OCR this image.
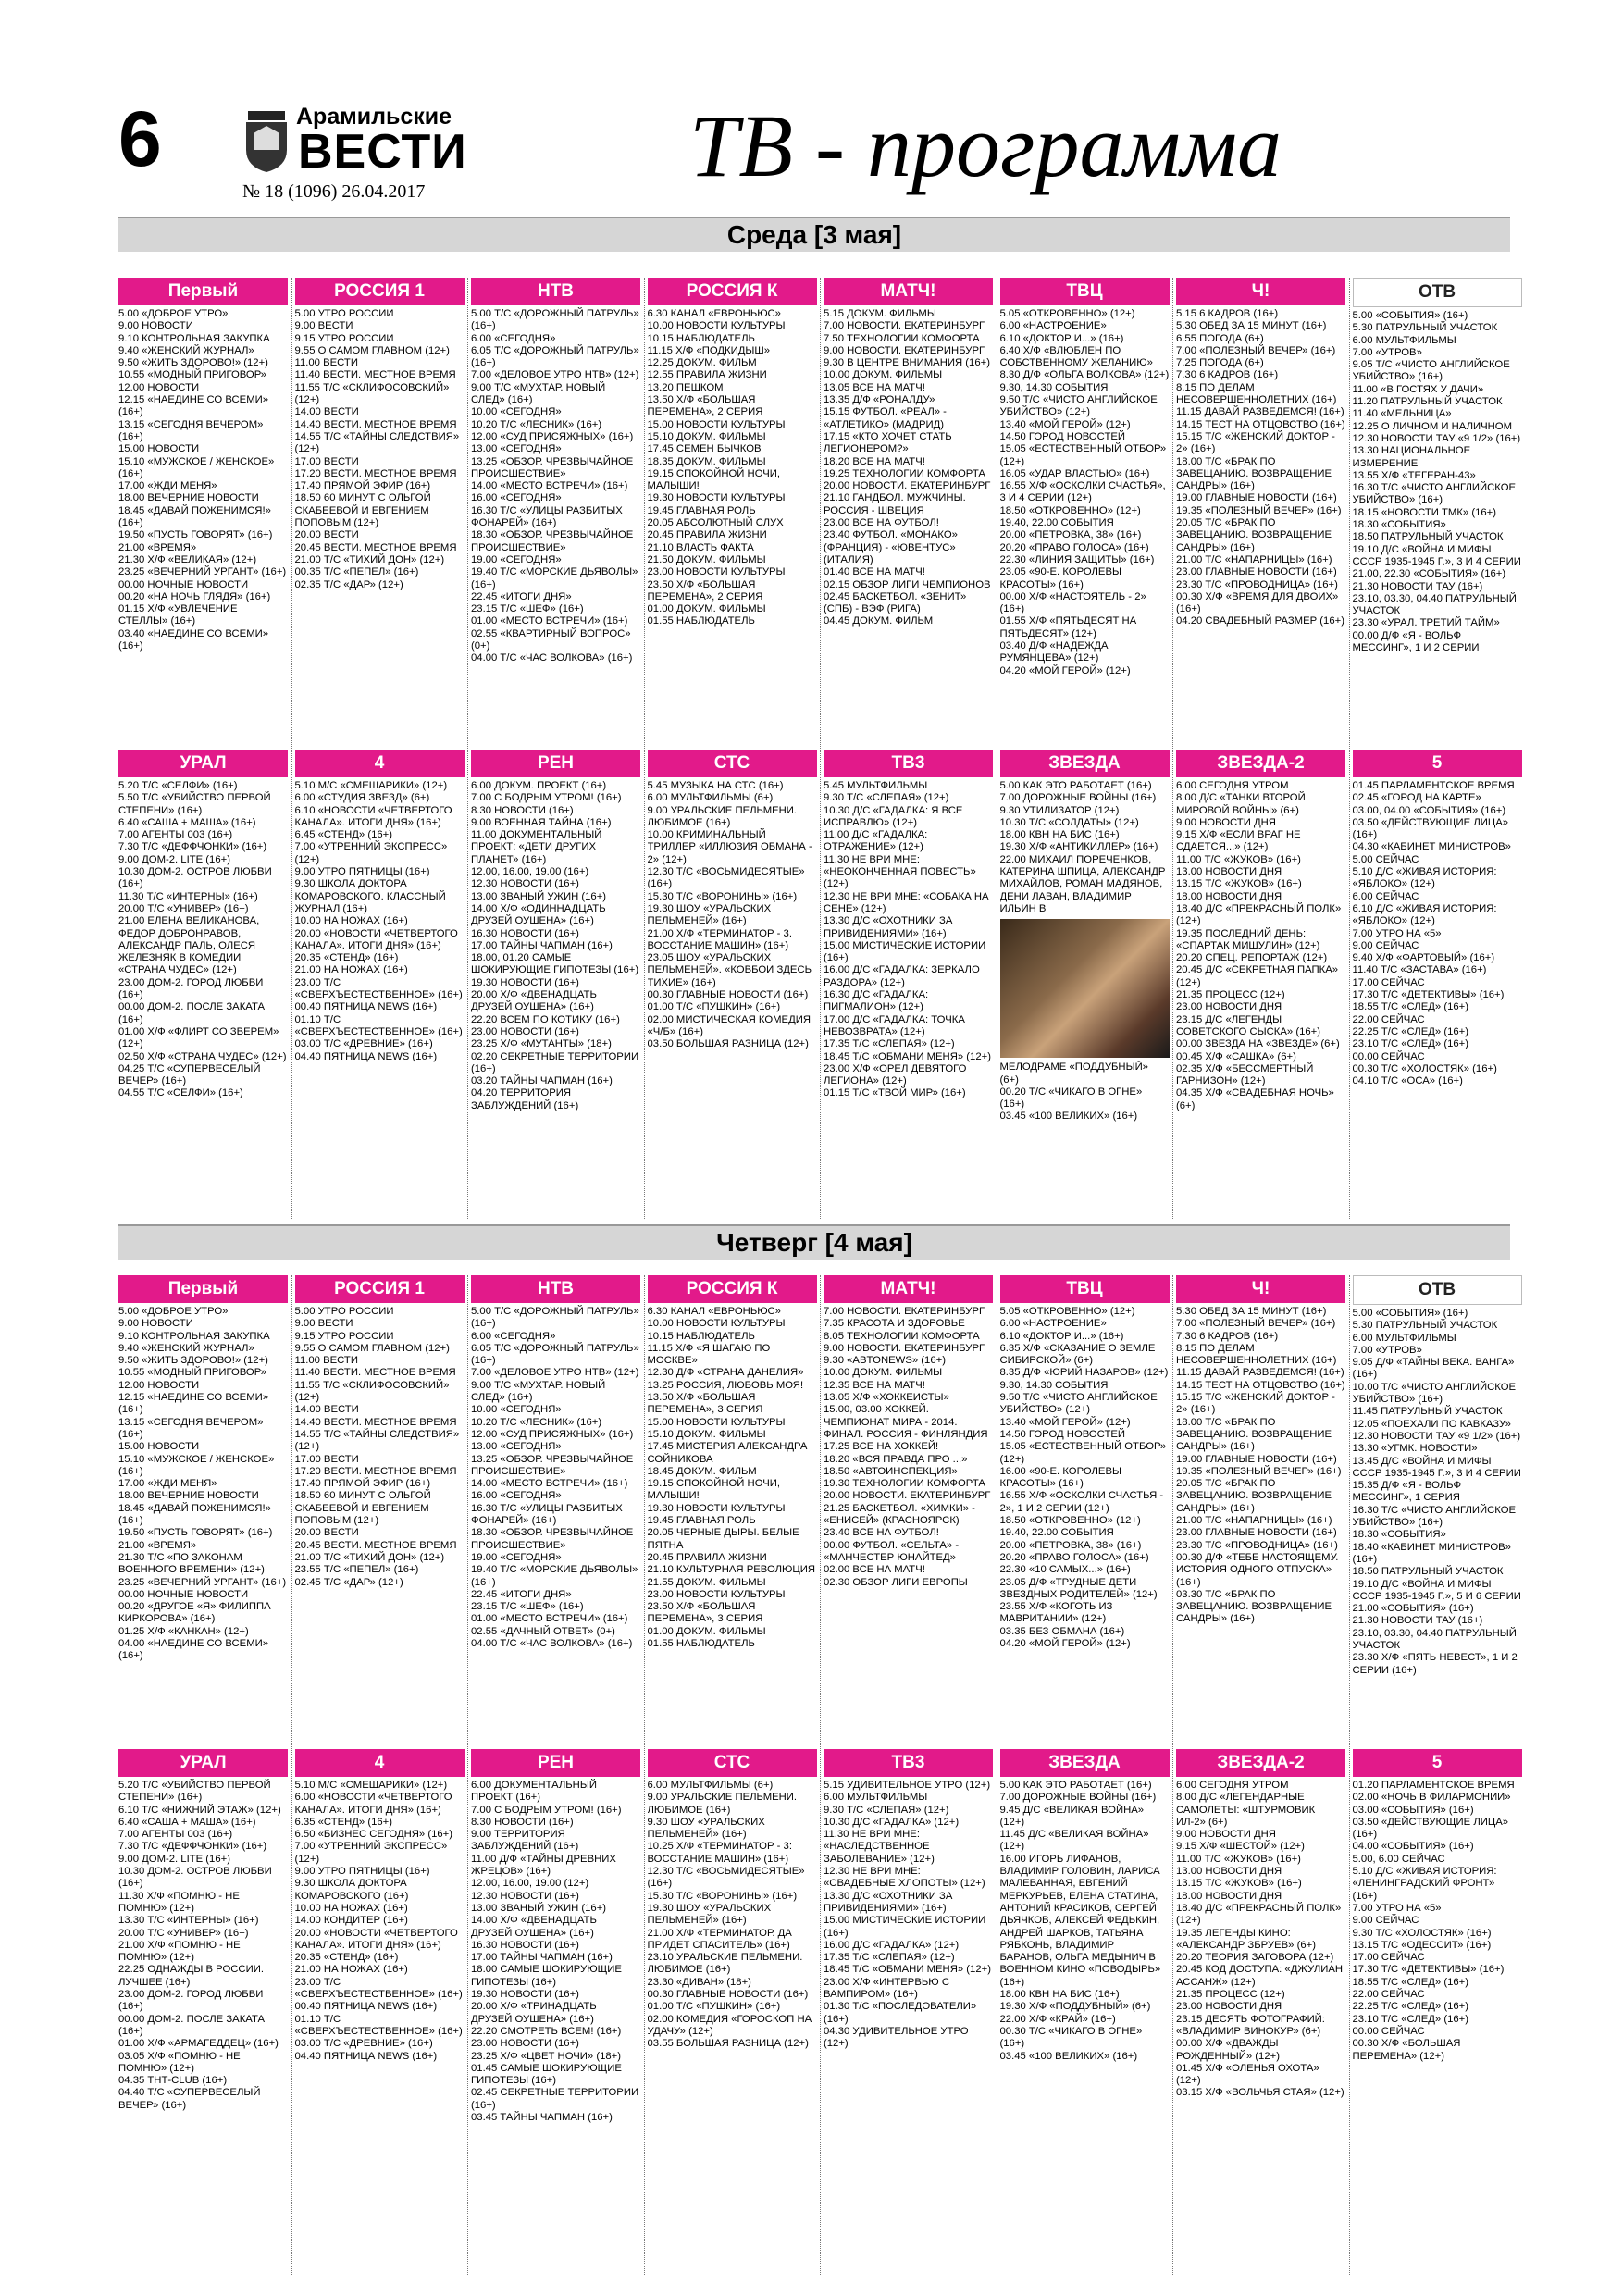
6	Арамильские
ВЕСТИ
№ 18 (1096) 26.04.2017	ТВ - программа
Среда [3 мая]
Первый
5.00 «ДОБРОЕ УТРО»
9.00 НОВОСТИ
9.10 КОНТРОЛЬНАЯ ЗАКУПКА
9.40 «ЖЕНСКИЙ ЖУРНАЛ»
9.50 «ЖИТЬ ЗДОРОВО!» (12+)
10.55 «МОДНЫЙ ПРИГОВОР»
12.00 НОВОСТИ
12.15 «НАЕДИНЕ СО ВСЕМИ» (16+)
13.15 «СЕГОДНЯ ВЕЧЕРОМ» (16+)
15.00 НОВОСТИ
15.10 «МУЖСКОЕ / ЖЕНСКОЕ» (16+)
17.00 «ЖДИ МЕНЯ»
18.00 ВЕЧЕРНИЕ НОВОСТИ
18.45 «ДАВАЙ ПОЖЕНИМСЯ!» (16+)
19.50 «ПУСТЬ ГОВОРЯТ» (16+)
21.00 «ВРЕМЯ»
21.30 Х/Ф «ВЕЛИКАЯ» (12+)
23.25 «ВЕЧЕРНИЙ УРГАНТ» (16+)
00.00 НОЧНЫЕ НОВОСТИ
00.20 «НА НОЧЬ ГЛЯДЯ» (16+)
01.15 Х/Ф «УВЛЕЧЕНИЕ СТЕЛЛЫ» (16+)
03.40 «НАЕДИНЕ СО ВСЕМИ» (16+)
РОССИЯ 1
5.00 УТРО РОССИИ
9.00 ВЕСТИ
9.15 УТРО РОССИИ
9.55 О САМОМ ГЛАВНОМ (12+)
11.00 ВЕСТИ
11.40 ВЕСТИ. МЕСТНОЕ ВРЕМЯ
11.55 Т/С «СКЛИФОСОВСКИЙ» (12+)
14.00 ВЕСТИ
14.40 ВЕСТИ. МЕСТНОЕ ВРЕМЯ
14.55 Т/С «ТАЙНЫ СЛЕДСТВИЯ» (12+)
17.00 ВЕСТИ
17.20 ВЕСТИ. МЕСТНОЕ ВРЕМЯ
17.40 ПРЯМОЙ ЭФИР (16+)
18.50 60 МИНУТ С ОЛЬГОЙ СКАБЕЕВОЙ И ЕВГЕНИЕМ ПОПОВЫМ (12+)
20.00 ВЕСТИ
20.45 ВЕСТИ. МЕСТНОЕ ВРЕМЯ
21.00 Т/С «ТИХИЙ ДОН» (12+)
00.35 Т/С «ПЕПЕЛ» (16+)
02.35 Т/С «ДАР» (12+)
НТВ
5.00 Т/С «ДОРОЖНЫЙ ПАТРУЛЬ» (16+)
6.00 «СЕГОДНЯ»
6.05 Т/С «ДОРОЖНЫЙ ПАТРУЛЬ» (16+)
7.00 «ДЕЛОВОЕ УТРО НТВ» (12+)
9.00 Т/С «МУХТАР. НОВЫЙ СЛЕД» (16+)
10.00 «СЕГОДНЯ»
10.20 Т/С «ЛЕСНИК» (16+)
12.00 «СУД ПРИСЯЖНЫХ» (16+)
13.00 «СЕГОДНЯ»
13.25 «ОБЗОР. ЧРЕЗВЫЧАЙНОЕ ПРОИСШЕСТВИЕ»
14.00 «МЕСТО ВСТРЕЧИ» (16+)
16.00 «СЕГОДНЯ»
16.30 Т/С «УЛИЦЫ РАЗБИТЫХ ФОНАРЕЙ» (16+)
18.30 «ОБЗОР. ЧРЕЗВЫЧАЙНОЕ ПРОИСШЕСТВИЕ»
19.00 «СЕГОДНЯ»
19.40 Т/С «МОРСКИЕ ДЬЯВОЛЫ» (16+)
22.45 «ИТОГИ ДНЯ»
23.15 Т/С «ШЕФ» (16+)
01.00 «МЕСТО ВСТРЕЧИ» (16+)
02.55 «КВАРТИРНЫЙ ВОПРОС» (0+)
04.00 Т/С «ЧАС ВОЛКОВА» (16+)
РОССИЯ К
6.30 КАНАЛ «ЕВРОНЬЮС»
10.00 НОВОСТИ КУЛЬТУРЫ
10.15 НАБЛЮДАТЕЛЬ
11.15 Х/Ф «ПОДКИДЫШ»
12.25 ДОКУМ. ФИЛЬМ
12.55 ПРАВИЛА ЖИЗНИ
13.20 ПЕШКОМ
13.50 Х/Ф «БОЛЬШАЯ ПЕРЕМЕНА», 2 СЕРИЯ
15.00 НОВОСТИ КУЛЬТУРЫ
15.10 ДОКУМ. ФИЛЬМЫ
17.45 СЕМЕН БЫЧКОВ
18.35 ДОКУМ. ФИЛЬМЫ
19.15 СПОКОЙНОЙ НОЧИ, МАЛЫШИ!
19.30 НОВОСТИ КУЛЬТУРЫ
19.45 ГЛАВНАЯ РОЛЬ
20.05 АБСОЛЮТНЫЙ СЛУХ
20.45 ПРАВИЛА ЖИЗНИ
21.10 ВЛАСТЬ ФАКТА
21.50 ДОКУМ. ФИЛЬМЫ
23.00 НОВОСТИ КУЛЬТУРЫ
23.50 Х/Ф «БОЛЬШАЯ ПЕРЕМЕНА», 2 СЕРИЯ
01.00 ДОКУМ. ФИЛЬМЫ
01.55 НАБЛЮДАТЕЛЬ
МАТЧ!
5.15 ДОКУМ. ФИЛЬМЫ
7.00 НОВОСТИ. ЕКАТЕРИНБУРГ
7.50 ТЕХНОЛОГИИ КОМФОРТА
9.00 НОВОСТИ. ЕКАТЕРИНБУРГ
9.30 В ЦЕНТРЕ ВНИМАНИЯ (16+)
10.00 ДОКУМ. ФИЛЬМЫ
13.05 ВСЕ НА МАТЧ!
13.35 Д/Ф «РОНАЛДУ»
15.15 ФУТБОЛ. «РЕАЛ» - «АТЛЕТИКО» (МАДРИД)
17.15 «КТО ХОЧЕТ СТАТЬ ЛЕГИОНЕРОМ?»
18.20 ВСЕ НА МАТЧ!
19.25 ТЕХНОЛОГИИ КОМФОРТА
20.00 НОВОСТИ. ЕКАТЕРИНБУРГ
21.10 ГАНДБОЛ. МУЖЧИНЫ. РОССИЯ - ШВЕЦИЯ
23.00 ВСЕ НА ФУТБОЛ!
23.40 ФУТБОЛ. «МОНАКО» (ФРАНЦИЯ) - «ЮВЕНТУС» (ИТАЛИЯ)
01.40 ВСЕ НА МАТЧ!
02.15 ОБЗОР ЛИГИ ЧЕМПИОНОВ
02.45 БАСКЕТБОЛ. «ЗЕНИТ» (СПБ) - ВЭФ (РИГА)
04.45 ДОКУМ. ФИЛЬМ
ТВЦ
5.05 «ОТКРОВЕННО» (12+)
6.00 «НАСТРОЕНИЕ»
6.10 «ДОКТОР И...» (16+)
6.40 Х/Ф «ВЛЮБЛЕН ПО СОБСТВЕННОМУ ЖЕЛАНИЮ»
8.30 Д/Ф «ОЛЬГА ВОЛКОВА» (12+)
9.30, 14.30 СОБЫТИЯ
9.50 Т/С «ЧИСТО АНГЛИЙСКОЕ УБИЙСТВО» (12+)
13.40 «МОЙ ГЕРОЙ» (12+)
14.50 ГОРОД НОВОСТЕЙ
15.05 «ЕСТЕСТВЕННЫЙ ОТБОР» (12+)
16.05 «УДАР ВЛАСТЬЮ» (16+)
16.55 Х/Ф «ОСКОЛКИ СЧАСТЬЯ», 3 И 4 СЕРИИ (12+)
18.50 «ОТКРОВЕННО» (12+)
19.40, 22.00 СОБЫТИЯ
20.00 «ПЕТРОВКА, 38» (16+)
20.20 «ПРАВО ГОЛОСА» (16+)
22.30 «ЛИНИЯ ЗАЩИТЫ» (16+)
23.05 «90-Е. КОРОЛЕВЫ КРАСОТЫ» (16+)
00.00 Х/Ф «НАСТОЯТЕЛЬ - 2» (16+)
01.55 Х/Ф «ПЯТЬДЕСЯТ НА ПЯТЬДЕСЯТ» (12+)
03.40 Д/Ф «НАДЕЖДА РУМЯНЦЕВА» (12+)
04.20 «МОЙ ГЕРОЙ» (12+)
Ч!
5.15 6 КАДРОВ (16+)
5.30 ОБЕД ЗА 15 МИНУТ (16+)
6.55 ПОГОДА (6+)
7.00 «ПОЛЕЗНЫЙ ВЕЧЕР» (16+)
7.25 ПОГОДА (6+)
7.30 6 КАДРОВ (16+)
8.15 ПО ДЕЛАМ НЕСОВЕРШЕННОЛЕТНИХ (16+)
11.15 ДАВАЙ РАЗВЕДЕМСЯ! (16+)
14.15 ТЕСТ НА ОТЦОВСТВО (16+)
15.15 Т/С «ЖЕНСКИЙ ДОКТОР - 2» (16+)
18.00 Т/С «БРАК ПО ЗАВЕЩАНИЮ. ВОЗВРАЩЕНИЕ САНДРЫ» (16+)
19.00 ГЛАВНЫЕ НОВОСТИ (16+)
19.35 «ПОЛЕЗНЫЙ ВЕЧЕР» (16+)
20.05 Т/С «БРАК ПО ЗАВЕЩАНИЮ. ВОЗВРАЩЕНИЕ САНДРЫ» (16+)
21.00 Т/С «НАПАРНИЦЫ» (16+)
23.00 ГЛАВНЫЕ НОВОСТИ (16+)
23.30 Т/С «ПРОВОДНИЦА» (16+)
00.30 Х/Ф «ВРЕМЯ ДЛЯ ДВОИХ» (16+)
04.20 СВАДЕБНЫЙ РАЗМЕР (16+)
ОТВ
5.00 «СОБЫТИЯ» (16+)
5.30 ПАТРУЛЬНЫЙ УЧАСТОК
6.00 МУЛЬТФИЛЬМЫ
7.00 «УТРОВ»
9.05 Т/С «ЧИСТО АНГЛИЙСКОЕ УБИЙСТВО» (16+)
11.00 «В ГОСТЯХ У ДАЧИ»
11.20 ПАТРУЛЬНЫЙ УЧАСТОК
11.40 «МЕЛЬНИЦА»
12.25 О ЛИЧНОМ И НАЛИЧНОМ
12.30 НОВОСТИ ТАУ «9 1/2» (16+)
13.30 НАЦИОНАЛЬНОЕ ИЗМЕРЕНИЕ
13.55 Х/Ф «ТЕГЕРАН-43»
16.30 Т/С «ЧИСТО АНГЛИЙСКОЕ УБИЙСТВО» (16+)
18.15 «НОВОСТИ ТМК» (16+)
18.30 «СОБЫТИЯ»
18.50 ПАТРУЛЬНЫЙ УЧАСТОК
19.10 Д/С «ВОЙНА И МИФЫ СССР 1935-1945 Г.», 3 И 4 СЕРИИ
21.00, 22.30 «СОБЫТИЯ» (16+)
21.30 НОВОСТИ ТАУ (16+)
23.10, 03.30, 04.40 ПАТРУЛЬНЫЙ УЧАСТОК
23.30 «УРАЛ. ТРЕТИЙ ТАЙМ»
00.00 Д/Ф «Я - ВОЛЬФ МЕССИНГ», 1 И 2 СЕРИИ
УРАЛ
5.20 Т/С «СЕЛФИ» (16+)
5.50 Т/С «УБИЙСТВО ПЕРВОЙ СТЕПЕНИ» (16+)
6.40 «САША + МАША» (16+)
7.00 АГЕНТЫ 003 (16+)
7.30 Т/С «ДЕФФЧОНКИ» (16+)
9.00 ДОМ-2. LITE (16+)
10.30 ДОМ-2. ОСТРОВ ЛЮБВИ (16+)
11.30 Т/С «ИНТЕРНЫ» (16+)
20.00 Т/С «УНИВЕР» (16+)
21.00 ЕЛЕНА ВЕЛИКАНОВА, ФЕДОР ДОБРОНРАВОВ, АЛЕКСАНДР ПАЛЬ, ОЛЕСЯ ЖЕЛЕЗНЯК В КОМЕДИИ «СТРАНА ЧУДЕС» (12+)
23.00 ДОМ-2. ГОРОД ЛЮБВИ (16+)
00.00 ДОМ-2. ПОСЛЕ ЗАКАТА (16+)
01.00 Х/Ф «ФЛИРТ СО ЗВЕРЕМ» (12+)
02.50 Х/Ф «СТРАНА ЧУДЕС» (12+)
04.25 Т/С «СУПЕРВЕСЕЛЫЙ ВЕЧЕР» (16+)
04.55 Т/С «СЕЛФИ» (16+)
4
5.10 М/С «СМЕШАРИКИ» (12+)
6.00 «СТУДИЯ ЗВЕЗД» (6+)
6.10 «НОВОСТИ «ЧЕТВЕРТОГО КАНАЛА». ИТОГИ ДНЯ» (16+)
6.45 «СТЕНД» (16+)
7.00 «УТРЕННИЙ ЭКСПРЕСС» (12+)
9.00 УТРО ПЯТНИЦЫ (16+)
9.30 ШКОЛА ДОКТОРА КОМАРОВСКОГО. КЛАССНЫЙ ЖУРНАЛ (16+)
10.00 НА НОЖАХ (16+)
20.00 «НОВОСТИ «ЧЕТВЕРТОГО КАНАЛА». ИТОГИ ДНЯ» (16+)
20.35 «СТЕНД» (16+)
21.00 НА НОЖАХ (16+)
23.00 Т/С «СВЕРХЪЕСТЕСТВЕННОЕ» (16+)
00.40 ПЯТНИЦА NEWS (16+)
01.10 Т/С «СВЕРХЪЕСТЕСТВЕННОЕ» (16+)
03.00 Т/С «ДРЕВНИЕ» (16+)
04.40 ПЯТНИЦА NEWS (16+)
РЕН
6.00 ДОКУМ. ПРОЕКТ (16+)
7.00 С БОДРЫМ УТРОМ! (16+)
8.30 НОВОСТИ (16+)
9.00 ВОЕННАЯ ТАЙНА (16+)
11.00 ДОКУМЕНТАЛЬНЫЙ ПРОЕКТ: «ДЕТИ ДРУГИХ ПЛАНЕТ» (16+)
12.00, 16.00, 19.00 (16+)
12.30 НОВОСТИ (16+)
13.00 ЗВАНЫЙ УЖИН (16+)
14.00 Х/Ф «ОДИННАДЦАТЬ ДРУЗЕЙ ОУШЕНА» (16+)
16.30 НОВОСТИ (16+)
17.00 ТАЙНЫ ЧАПМАН (16+)
18.00, 01.20 САМЫЕ ШОКИРУЮЩИЕ ГИПОТЕЗЫ (16+)
19.30 НОВОСТИ (16+)
20.00 Х/Ф «ДВЕНАДЦАТЬ ДРУЗЕЙ ОУШЕНА» (16+)
22.20 ВСЕМ ПО КОТИКУ (16+)
23.00 НОВОСТИ (16+)
23.25 Х/Ф «МУТАНТЫ» (18+)
02.20 СЕКРЕТНЫЕ ТЕРРИТОРИИ (16+)
03.20 ТАЙНЫ ЧАПМАН (16+)
04.20 ТЕРРИТОРИЯ ЗАБЛУЖДЕНИЙ (16+)
СТС
5.45 МУЗЫКА НА СТС (16+)
6.00 МУЛЬТФИЛЬМЫ (6+)
9.00 УРАЛЬСКИЕ ПЕЛЬМЕНИ. ЛЮБИМОЕ (16+)
10.00 КРИМИНАЛЬНЫЙ ТРИЛЛЕР «ИЛЛЮЗИЯ ОБМАНА - 2» (12+)
12.30 Т/С «ВОСЬМИДЕСЯТЫЕ» (16+)
15.30 Т/С «ВОРОНИНЫ» (16+)
19.30 ШОУ «УРАЛЬСКИХ ПЕЛЬМЕНЕЙ» (16+)
21.00 Х/Ф «ТЕРМИНАТОР - 3. ВОССТАНИЕ МАШИН» (16+)
23.05 ШОУ «УРАЛЬСКИХ ПЕЛЬМЕНЕЙ». «КОВБОИ ЗДЕСЬ ТИХИЕ» (16+)
00.30 ГЛАВНЫЕ НОВОСТИ (16+)
01.00 Т/С «ПУШКИН» (16+)
02.00 МИСТИЧЕСКАЯ КОМЕДИЯ «Ч/Б» (16+)
03.50 БОЛЬШАЯ РАЗНИЦА (12+)
ТВ3
5.45 МУЛЬТФИЛЬМЫ
9.30 Т/С «СЛЕПАЯ» (12+)
10.30 Д/С «ГАДАЛКА: Я ВСЕ ИСПРАВЛЮ» (12+)
11.00 Д/С «ГАДАЛКА: ОТРАЖЕНИЕ» (12+)
11.30 НЕ ВРИ МНЕ: «НЕОКОНЧЕННАЯ ПОВЕСТЬ» (12+)
12.30 НЕ ВРИ МНЕ: «СОБАКА НА СЕНЕ» (12+)
13.30 Д/С «ОХОТНИКИ ЗА ПРИВИДЕНИЯМИ» (16+)
15.00 МИСТИЧЕСКИЕ ИСТОРИИ (16+)
16.00 Д/С «ГАДАЛКА: ЗЕРКАЛО РАЗДОРА» (12+)
16.30 Д/С «ГАДАЛКА: ПИГМАЛИОН» (12+)
17.00 Д/С «ГАДАЛКА: ТОЧКА НЕВОЗВРАТА» (12+)
17.35 Т/С «СЛЕПАЯ» (12+)
18.45 Т/С «ОБМАНИ МЕНЯ» (12+)
23.00 Х/Ф «ОРЕЛ ДЕВЯТОГО ЛЕГИОНА» (12+)
01.15 Т/С «ТВОЙ МИР» (16+)
ЗВЕЗДА
5.00 КАК ЭТО РАБОТАЕТ (16+)
7.00 ДОРОЖНЫЕ ВОЙНЫ (16+)
9.30 УТИЛИЗАТОР (12+)
10.30 Т/С «СОЛДАТЫ» (12+)
18.00 КВН НА БИС (16+)
19.30 Х/Ф «АНТИКИЛЛЕР» (16+)
22.00 МИХАИЛ ПОРЕЧЕНКОВ, КАТЕРИНА ШПИЦА, АЛЕКСАНДР МИХАЙЛОВ, РОМАН МАДЯНОВ, ДЕНИ ЛАВАН, ВЛАДИМИР ИЛЬИН В
МЕЛОДРАМЕ «ПОДДУБНЫЙ» (6+)
00.20 Т/С «ЧИКАГО В ОГНЕ» (16+)
03.45 «100 ВЕЛИКИХ» (16+)
ЗВЕЗДА-2
6.00 СЕГОДНЯ УТРОМ
8.00 Д/С «ТАНКИ ВТОРОЙ МИРОВОЙ ВОЙНЫ» (6+)
9.00 НОВОСТИ ДНЯ
9.15 Х/Ф «ЕСЛИ ВРАГ НЕ СДАЕТСЯ...» (12+)
11.00 Т/С «ЖУКОВ» (16+)
13.00 НОВОСТИ ДНЯ
13.15 Т/С «ЖУКОВ» (16+)
18.00 НОВОСТИ ДНЯ
18.40 Д/С «ПРЕКРАСНЫЙ ПОЛК» (12+)
19.35 ПОСЛЕДНИЙ ДЕНЬ: «СПАРТАК МИШУЛИН» (12+)
20.20 СПЕЦ. РЕПОРТАЖ (12+)
20.45 Д/С «СЕКРЕТНАЯ ПАПКА» (12+)
21.35 ПРОЦЕСС (12+)
23.00 НОВОСТИ ДНЯ
23.15 Д/С «ЛЕГЕНДЫ СОВЕТСКОГО СЫСКА» (16+)
00.00 ЗВЕЗДА НА «ЗВЕЗДЕ» (6+)
00.45 Х/Ф «САШКА» (6+)
02.35 Х/Ф «БЕССМЕРТНЫЙ ГАРНИЗОН» (12+)
04.35 Х/Ф «СВАДЕБНАЯ НОЧЬ» (6+)
5
01.45 ПАРЛАМЕНТСКОЕ ВРЕМЯ
02.45 «ГОРОД НА КАРТЕ»
03.00, 04.00 «СОБЫТИЯ» (16+)
03.50 «ДЕЙСТВУЮЩИЕ ЛИЦА» (16+)
04.30 «КАБИНЕТ МИНИСТРОВ»
5.00 СЕЙЧАС
5.10 Д/С «ЖИВАЯ ИСТОРИЯ: «ЯБЛОКО» (12+)
6.00 СЕЙЧАС
6.10 Д/С «ЖИВАЯ ИСТОРИЯ: «ЯБЛОКО» (12+)
7.00 УТРО НА «5»
9.00 СЕЙЧАС
9.40 Х/Ф «ФАРТОВЫЙ» (16+)
11.40 Т/С «ЗАСТАВА» (16+)
17.00 СЕЙЧАС
17.30 Т/С «ДЕТЕКТИВЫ» (16+)
18.55 Т/С «СЛЕД» (16+)
22.00 СЕЙЧАС
22.25 Т/С «СЛЕД» (16+)
23.10 Т/С «СЛЕД» (16+)
00.00 СЕЙЧАС
00.30 Т/С «ХОЛОСТЯК» (16+)
04.10 Т/С «ОСА» (16+)
Четверг [4 мая]
Первый
5.00 «ДОБРОЕ УТРО»
9.00 НОВОСТИ
9.10 КОНТРОЛЬНАЯ ЗАКУПКА
9.40 «ЖЕНСКИЙ ЖУРНАЛ»
9.50 «ЖИТЬ ЗДОРОВО!» (12+)
10.55 «МОДНЫЙ ПРИГОВОР»
12.00 НОВОСТИ
12.15 «НАЕДИНЕ СО ВСЕМИ» (16+)
13.15 «СЕГОДНЯ ВЕЧЕРОМ» (16+)
15.00 НОВОСТИ
15.10 «МУЖСКОЕ / ЖЕНСКОЕ» (16+)
17.00 «ЖДИ МЕНЯ»
18.00 ВЕЧЕРНИЕ НОВОСТИ
18.45 «ДАВАЙ ПОЖЕНИМСЯ!» (16+)
19.50 «ПУСТЬ ГОВОРЯТ» (16+)
21.00 «ВРЕМЯ»
21.30 Т/С «ПО ЗАКОНАМ ВОЕННОГО ВРЕМЕНИ» (12+)
23.25 «ВЕЧЕРНИЙ УРГАНТ» (16+)
00.00 НОЧНЫЕ НОВОСТИ
00.20 «ДРУГОЕ «Я» ФИЛИППА КИРКОРОВА» (16+)
01.25 Х/Ф «КАНКАН» (12+)
04.00 «НАЕДИНЕ СО ВСЕМИ» (16+)
РОССИЯ 1
5.00 УТРО РОССИИ
9.00 ВЕСТИ
9.15 УТРО РОССИИ
9.55 О САМОМ ГЛАВНОМ (12+)
11.00 ВЕСТИ
11.40 ВЕСТИ. МЕСТНОЕ ВРЕМЯ
11.55 Т/С «СКЛИФОСОВСКИЙ» (12+)
14.00 ВЕСТИ
14.40 ВЕСТИ. МЕСТНОЕ ВРЕМЯ
14.55 Т/С «ТАЙНЫ СЛЕДСТВИЯ» (12+)
17.00 ВЕСТИ
17.20 ВЕСТИ. МЕСТНОЕ ВРЕМЯ
17.40 ПРЯМОЙ ЭФИР (16+)
18.50 60 МИНУТ С ОЛЬГОЙ СКАБЕЕВОЙ И ЕВГЕНИЕМ ПОПОВЫМ (12+)
20.00 ВЕСТИ
20.45 ВЕСТИ. МЕСТНОЕ ВРЕМЯ
21.00 Т/С «ТИХИЙ ДОН» (12+)
23.55 Т/С «ПЕПЕЛ» (16+)
02.45 Т/С «ДАР» (12+)
НТВ
5.00 Т/С «ДОРОЖНЫЙ ПАТРУЛЬ» (16+)
6.00 «СЕГОДНЯ»
6.05 Т/С «ДОРОЖНЫЙ ПАТРУЛЬ» (16+)
7.00 «ДЕЛОВОЕ УТРО НТВ» (12+)
9.00 Т/С «МУХТАР. НОВЫЙ СЛЕД» (16+)
10.00 «СЕГОДНЯ»
10.20 Т/С «ЛЕСНИК» (16+)
12.00 «СУД ПРИСЯЖНЫХ» (16+)
13.00 «СЕГОДНЯ»
13.25 «ОБЗОР. ЧРЕЗВЫЧАЙНОЕ ПРОИСШЕСТВИЕ»
14.00 «МЕСТО ВСТРЕЧИ» (16+)
16.00 «СЕГОДНЯ»
16.30 Т/С «УЛИЦЫ РАЗБИТЫХ ФОНАРЕЙ» (16+)
18.30 «ОБЗОР. ЧРЕЗВЫЧАЙНОЕ ПРОИСШЕСТВИЕ»
19.00 «СЕГОДНЯ»
19.40 Т/С «МОРСКИЕ ДЬЯВОЛЫ» (16+)
22.45 «ИТОГИ ДНЯ»
23.15 Т/С «ШЕФ» (16+)
01.00 «МЕСТО ВСТРЕЧИ» (16+)
02.55 «ДАЧНЫЙ ОТВЕТ» (0+)
04.00 Т/С «ЧАС ВОЛКОВА» (16+)
РОССИЯ К
6.30 КАНАЛ «ЕВРОНЬЮС»
10.00 НОВОСТИ КУЛЬТУРЫ
10.15 НАБЛЮДАТЕЛЬ
11.15 Х/Ф «Я ШАГАЮ ПО МОСКВЕ»
12.30 Д/Ф «СТРАНА ДАНЕЛИЯ»
13.25 РОССИЯ, ЛЮБОВЬ МОЯ!
13.50 Х/Ф «БОЛЬШАЯ ПЕРЕМЕНА», 3 СЕРИЯ
15.00 НОВОСТИ КУЛЬТУРЫ
15.10 ДОКУМ. ФИЛЬМЫ
17.45 МИСТЕРИЯ АЛЕКСАНДРА СОЙНИКОВА
18.45 ДОКУМ. ФИЛЬМ
19.15 СПОКОЙНОЙ НОЧИ, МАЛЫШИ!
19.30 НОВОСТИ КУЛЬТУРЫ
19.45 ГЛАВНАЯ РОЛЬ
20.05 ЧЕРНЫЕ ДЫРЫ. БЕЛЫЕ ПЯТНА
20.45 ПРАВИЛА ЖИЗНИ
21.10 КУЛЬТУРНАЯ РЕВОЛЮЦИЯ
21.55 ДОКУМ. ФИЛЬМЫ
23.00 НОВОСТИ КУЛЬТУРЫ
23.50 Х/Ф «БОЛЬШАЯ ПЕРЕМЕНА», 3 СЕРИЯ
01.00 ДОКУМ. ФИЛЬМЫ
01.55 НАБЛЮДАТЕЛЬ
МАТЧ!
7.00 НОВОСТИ. ЕКАТЕРИНБУРГ
7.35 КРАСОТА И ЗДОРОВЬЕ
8.05 ТЕХНОЛОГИИ КОМФОРТА
9.00 НОВОСТИ. ЕКАТЕРИНБУРГ
9.30 «ABTONEWS» (16+)
10.00 ДОКУМ. ФИЛЬМЫ
12.35 ВСЕ НА МАТЧ!
13.05 Х/Ф «ХОККЕИСТЫ»
15.00, 03.00 ХОККЕЙ. ЧЕМПИОНАТ МИРА - 2014. ФИНАЛ. РОССИЯ - ФИНЛЯНДИЯ
17.25 ВСЕ НА ХОККЕЙ!
18.20 «ВСЯ ПРАВДА ПРО ...»
18.50 «АВТОИНСПЕКЦИЯ»
19.30 ТЕХНОЛОГИИ КОМФОРТА
20.00 НОВОСТИ. ЕКАТЕРИНБУРГ
21.25 БАСКЕТБОЛ. «ХИМКИ» - «ЕНИСЕЙ» (КРАСНОЯРСК)
23.40 ВСЕ НА ФУТБОЛ!
00.00 ФУТБОЛ. «СЕЛЬТА» - «МАНЧЕСТЕР ЮНАЙТЕД»
02.00 ВСЕ НА МАТЧ!
02.30 ОБЗОР ЛИГИ ЕВРОПЫ
ТВЦ
5.05 «ОТКРОВЕННО» (12+)
6.00 «НАСТРОЕНИЕ»
6.10 «ДОКТОР И...» (16+)
6.35 Х/Ф «СКАЗАНИЕ О ЗЕМЛЕ СИБИРСКОЙ» (6+)
8.35 Д/Ф «ЮРИЙ НАЗАРОВ» (12+)
9.30, 14.30 СОБЫТИЯ
9.50 Т/С «ЧИСТО АНГЛИЙСКОЕ УБИЙСТВО» (12+)
13.40 «МОЙ ГЕРОЙ» (12+)
14.50 ГОРОД НОВОСТЕЙ
15.05 «ЕСТЕСТВЕННЫЙ ОТБОР» (12+)
16.00 «90-Е. КОРОЛЕВЫ КРАСОТЫ» (16+)
16.55 Х/Ф «ОСКОЛКИ СЧАСТЬЯ - 2», 1 И 2 СЕРИИ (12+)
18.50 «ОТКРОВЕННО» (12+)
19.40, 22.00 СОБЫТИЯ
20.00 «ПЕТРОВКА, 38» (16+)
20.20 «ПРАВО ГОЛОСА» (16+)
22.30 «10 САМЫХ...» (16+)
23.05 Д/Ф «ТРУДНЫЕ ДЕТИ ЗВЕЗДНЫХ РОДИТЕЛЕЙ» (12+)
23.55 Х/Ф «КОГОТЬ ИЗ МАВРИТАНИИ» (12+)
03.35 БЕЗ ОБМАНА (16+)
04.20 «МОЙ ГЕРОЙ» (12+)
Ч!
5.30 ОБЕД ЗА 15 МИНУТ (16+)
7.00 «ПОЛЕЗНЫЙ ВЕЧЕР» (16+)
7.30 6 КАДРОВ (16+)
8.15 ПО ДЕЛАМ НЕСОВЕРШЕННОЛЕТНИХ (16+)
11.15 ДАВАЙ РАЗВЕДЕМСЯ! (16+)
14.15 ТЕСТ НА ОТЦОВСТВО (16+)
15.15 Т/С «ЖЕНСКИЙ ДОКТОР - 2» (16+)
18.00 Т/С «БРАК ПО ЗАВЕЩАНИЮ. ВОЗВРАЩЕНИЕ САНДРЫ» (16+)
19.00 ГЛАВНЫЕ НОВОСТИ (16+)
19.35 «ПОЛЕЗНЫЙ ВЕЧЕР» (16+)
20.05 Т/С «БРАК ПО ЗАВЕЩАНИЮ. ВОЗВРАЩЕНИЕ САНДРЫ» (16+)
21.00 Т/С «НАПАРНИЦЫ» (16+)
23.00 ГЛАВНЫЕ НОВОСТИ (16+)
23.30 Т/С «ПРОВОДНИЦА» (16+)
00.30 Д/Ф «ТЕБЕ НАСТОЯЩЕМУ. ИСТОРИЯ ОДНОГО ОТПУСКА» (16+)
03.30 Т/С «БРАК ПО ЗАВЕЩАНИЮ. ВОЗВРАЩЕНИЕ САНДРЫ» (16+)
ОТВ
5.00 «СОБЫТИЯ» (16+)
5.30 ПАТРУЛЬНЫЙ УЧАСТОК
6.00 МУЛЬТФИЛЬМЫ
7.00 «УТРОВ»
9.05 Д/Ф «ТАЙНЫ ВЕКА. ВАНГА» (16+)
10.00 Т/С «ЧИСТО АНГЛИЙСКОЕ УБИЙСТВО» (16+)
11.45 ПАТРУЛЬНЫЙ УЧАСТОК
12.05 «ПОЕХАЛИ ПО КАВКАЗУ»
12.30 НОВОСТИ ТАУ «9 1/2» (16+)
13.30 «УГМК. НОВОСТИ»
13.45 Д/С «ВОЙНА И МИФЫ СССР 1935-1945 Г.», 3 И 4 СЕРИИ
15.35 Д/Ф «Я - ВОЛЬФ МЕССИНГ», 1 СЕРИЯ
16.30 Т/С «ЧИСТО АНГЛИЙСКОЕ УБИЙСТВО» (16+)
18.30 «СОБЫТИЯ»
18.40 «КАБИНЕТ МИНИСТРОВ» (16+)
18.50 ПАТРУЛЬНЫЙ УЧАСТОК
19.10 Д/С «ВОЙНА И МИФЫ СССР 1935-1945 Г.», 5 И 6 СЕРИИ
21.00 «СОБЫТИЯ» (16+)
21.30 НОВОСТИ ТАУ (16+)
23.10, 03.30, 04.40 ПАТРУЛЬНЫЙ УЧАСТОК
23.30 Х/Ф «ПЯТЬ НЕВЕСТ», 1 И 2 СЕРИИ (16+)
УРАЛ
5.20 Т/С «УБИЙСТВО ПЕРВОЙ СТЕПЕНИ» (16+)
6.10 Т/С «НИЖНИЙ ЭТАЖ» (12+)
6.40 «САША + МАША» (16+)
7.00 АГЕНТЫ 003 (16+)
7.30 Т/С «ДЕФФЧОНКИ» (16+)
9.00 ДОМ-2. LITE (16+)
10.30 ДОМ-2. ОСТРОВ ЛЮБВИ (16+)
11.30 Х/Ф «ПОМНЮ - НЕ ПОМНЮ» (12+)
13.30 Т/С «ИНТЕРНЫ» (16+)
20.00 Т/С «УНИВЕР» (16+)
21.00 Х/Ф «ПОМНЮ - НЕ ПОМНЮ» (12+)
22.25 ОДНАЖДЫ В РОССИИ. ЛУЧШЕЕ (16+)
23.00 ДОМ-2. ГОРОД ЛЮБВИ (16+)
00.00 ДОМ-2. ПОСЛЕ ЗАКАТА (16+)
01.00 Х/Ф «АРМАГЕДДЕЦ» (16+)
03.05 Х/Ф «ПОМНЮ - НЕ ПОМНЮ» (12+)
04.35 ТНТ-CLUB (16+)
04.40 Т/С «СУПЕРВЕСЕЛЫЙ ВЕЧЕР» (16+)
4
5.10 М/С «СМЕШАРИКИ» (12+)
6.00 «НОВОСТИ «ЧЕТВЕРТОГО КАНАЛА». ИТОГИ ДНЯ» (16+)
6.35 «СТЕНД» (16+)
6.50 «БИЗНЕС СЕГОДНЯ» (16+)
7.00 «УТРЕННИЙ ЭКСПРЕСС» (12+)
9.00 УТРО ПЯТНИЦЫ (16+)
9.30 ШКОЛА ДОКТОРА КОМАРОВСКОГО (16+)
10.00 НА НОЖАХ (16+)
14.00 КОНДИТЕР (16+)
20.00 «НОВОСТИ «ЧЕТВЕРТОГО КАНАЛА». ИТОГИ ДНЯ» (16+)
20.35 «СТЕНД» (16+)
21.00 НА НОЖАХ (16+)
23.00 Т/С «СВЕРХЪЕСТЕСТВЕННОЕ» (16+)
00.40 ПЯТНИЦА NEWS (16+)
01.10 Т/С «СВЕРХЪЕСТЕСТВЕННОЕ» (16+)
03.00 Т/С «ДРЕВНИЕ» (16+)
04.40 ПЯТНИЦА NEWS (16+)
РЕН
6.00 ДОКУМЕНТАЛЬНЫЙ ПРОЕКТ (16+)
7.00 С БОДРЫМ УТРОМ! (16+)
8.30 НОВОСТИ (16+)
9.00 ТЕРРИТОРИЯ ЗАБЛУЖДЕНИЙ (16+)
11.00 Д/Ф «ТАЙНЫ ДРЕВНИХ ЖРЕЦОВ» (16+)
12.00, 16.00, 19.00 (12+)
12.30 НОВОСТИ (16+)
13.00 ЗВАНЫЙ УЖИН (16+)
14.00 Х/Ф «ДВЕНАДЦАТЬ ДРУЗЕЙ ОУШЕНА» (16+)
16.30 НОВОСТИ (16+)
17.00 ТАЙНЫ ЧАПМАН (16+)
18.00 САМЫЕ ШОКИРУЮЩИЕ ГИПОТЕЗЫ (16+)
19.30 НОВОСТИ (16+)
20.00 Х/Ф «ТРИНАДЦАТЬ ДРУЗЕЙ ОУШЕНА» (16+)
22.20 СМОТРЕТЬ ВСЕМ! (16+)
23.00 НОВОСТИ (16+)
23.25 Х/Ф «ЦВЕТ НОЧИ» (18+)
01.45 САМЫЕ ШОКИРУЮЩИЕ ГИПОТЕЗЫ (16+)
02.45 СЕКРЕТНЫЕ ТЕРРИТОРИИ (16+)
03.45 ТАЙНЫ ЧАПМАН (16+)
СТС
6.00 МУЛЬТФИЛЬМЫ (6+)
9.00 УРАЛЬСКИЕ ПЕЛЬМЕНИ. ЛЮБИМОЕ (16+)
9.30 ШОУ «УРАЛЬСКИХ ПЕЛЬМЕНЕЙ» (16+)
10.25 Х/Ф «ТЕРМИНАТОР - 3: ВОССТАНИЕ МАШИН» (16+)
12.30 Т/С «ВОСЬМИДЕСЯТЫЕ» (16+)
15.30 Т/С «ВОРОНИНЫ» (16+)
19.30 ШОУ «УРАЛЬСКИХ ПЕЛЬМЕНЕЙ» (16+)
21.00 Х/Ф «ТЕРМИНАТОР. ДА ПРИДЕТ СПАСИТЕЛЬ» (16+)
23.10 УРАЛЬСКИЕ ПЕЛЬМЕНИ. ЛЮБИМОЕ (16+)
23.30 «ДИВАН» (18+)
00.30 ГЛАВНЫЕ НОВОСТИ (16+)
01.00 Т/С «ПУШКИН» (16+)
02.00 КОМЕДИЯ «ГОРОСКОП НА УДАЧУ» (12+)
03.55 БОЛЬШАЯ РАЗНИЦА (12+)
ТВ3
5.15 УДИВИТЕЛЬНОЕ УТРО (12+)
6.00 МУЛЬТФИЛЬМЫ
9.30 Т/С «СЛЕПАЯ» (12+)
10.30 Д/С «ГАДАЛКА» (12+)
11.30 НЕ ВРИ МНЕ: «НАСЛЕДСТВЕННОЕ ЗАБОЛЕВАНИЕ» (12+)
12.30 НЕ ВРИ МНЕ: «СВАДЕБНЫЕ ХЛОПОТЫ» (12+)
13.30 Д/С «ОХОТНИКИ ЗА ПРИВИДЕНИЯМИ» (16+)
15.00 МИСТИЧЕСКИЕ ИСТОРИИ (16+)
16.00 Д/С «ГАДАЛКА» (12+)
17.35 Т/С «СЛЕПАЯ» (12+)
18.45 Т/С «ОБМАНИ МЕНЯ» (12+)
23.00 Х/Ф «ИНТЕРВЬЮ С ВАМПИРОМ» (16+)
01.30 Т/С «ПОСЛЕДОВАТЕЛИ» (16+)
04.30 УДИВИТЕЛЬНОЕ УТРО (12+)
ЗВЕЗДА
5.00 КАК ЭТО РАБОТАЕТ (16+)
7.00 ДОРОЖНЫЕ ВОЙНЫ (16+)
9.45 Д/С «ВЕЛИКАЯ ВОЙНА» (12+)
11.45 Д/С «ВЕЛИКАЯ ВОЙНА» (12+)
16.00 ИГОРЬ ЛИФАНОВ, ВЛАДИМИР ГОЛОВИН, ЛАРИСА МАЛЕВАННАЯ, ЕВГЕНИЙ МЕРКУРЬЕВ, ЕЛЕНА СТАТИНА, АНТОНИЙ КРАСИКОВ, СЕРГЕЙ ДЬЯЧКОВ, АЛЕКСЕЙ ФЕДЬКИН, АНДРЕЙ ШАРКОВ, ТАТЬЯНА РЯБКОНЬ, ВЛАДИМИР БАРАНОВ, ОЛЬГА МЕДЫНИЧ В ВОЕННОМ КИНО «ПОВОДЫРЬ» (16+)
18.00 КВН НА БИС (16+)
19.30 Х/Ф «ПОДДУБНЫЙ» (6+)
22.00 Х/Ф «КРАЙ» (16+)
00.30 Т/С «ЧИКАГО В ОГНЕ» (16+)
03.45 «100 ВЕЛИКИХ» (16+)
ЗВЕЗДА-2
6.00 СЕГОДНЯ УТРОМ
8.00 Д/С «ЛЕГЕНДАРНЫЕ САМОЛЕТЫ: «ШТУРМОВИК ИЛ-2» (6+)
9.00 НОВОСТИ ДНЯ
9.15 Х/Ф «ШЕСТОЙ» (12+)
11.00 Т/С «ЖУКОВ» (16+)
13.00 НОВОСТИ ДНЯ
13.15 Т/С «ЖУКОВ» (16+)
18.00 НОВОСТИ ДНЯ
18.40 Д/С «ПРЕКРАСНЫЙ ПОЛК» (12+)
19.35 ЛЕГЕНДЫ КИНО: «АЛЕКСАНДР ЗБРУЕВ» (6+)
20.20 ТЕОРИЯ ЗАГОВОРА (12+)
20.45 КОД ДОСТУПА: «ДЖУЛИАН АССАНЖ» (12+)
21.35 ПРОЦЕСС (12+)
23.00 НОВОСТИ ДНЯ
23.15 ДЕСЯТЬ ФОТОГРАФИЙ: «ВЛАДИМИР ВИНОКУР» (6+)
00.00 Х/Ф «ДВАЖДЫ РОЖДЕННЫЙ» (12+)
01.45 Х/Ф «ОЛЕНЬЯ ОХОТА» (12+)
03.15 Х/Ф «ВОЛЬЧЬЯ СТАЯ» (12+)
5
01.20 ПАРЛАМЕНТСКОЕ ВРЕМЯ
02.00 «НОЧЬ В ФИЛАРМОНИИ»
03.00 «СОБЫТИЯ» (16+)
03.50 «ДЕЙСТВУЮЩИЕ ЛИЦА» (16+)
04.00 «СОБЫТИЯ» (16+)
5.00, 6.00 СЕЙЧАС
5.10 Д/С «ЖИВАЯ ИСТОРИЯ: «ЛЕНИНГРАДСКИЙ ФРОНТ» (16+)
7.00 УТРО НА «5»
9.00 СЕЙЧАС
9.30 Т/С «ХОЛОСТЯК» (16+)
13.15 Т/С «ОДЕССИТ» (16+)
17.00 СЕЙЧАС
17.30 Т/С «ДЕТЕКТИВЫ» (16+)
18.55 Т/С «СЛЕД» (16+)
22.00 СЕЙЧАС
22.25 Т/С «СЛЕД» (16+)
23.10 Т/С «СЛЕД» (16+)
00.00 СЕЙЧАС
00.30 Х/Ф «БОЛЬШАЯ ПЕРЕМЕНА» (12+)
